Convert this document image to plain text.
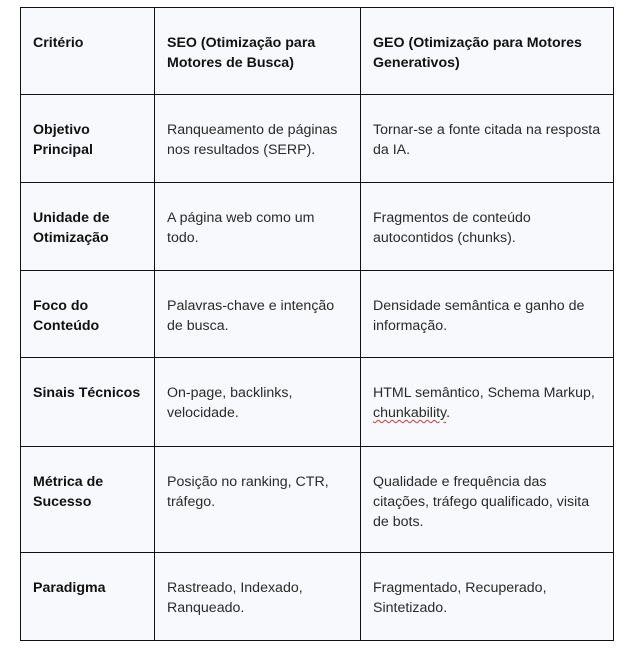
Critério	SEO (Otimização para Motores de Busca)	GEO (Otimização para Motores Generativos)
Objetivo Principal	Ranqueamento de páginas nos resultados (SERP).	Tornar-se a fonte citada na resposta da IA.
Unidade de Otimização	A página web como um todo.	Fragmentos de conteúdo autocontidos (chunks).
Foco do Conteúdo	Palavras-chave e intenção de busca.	Densidade semântica e ganho de informação.
Sinais Técnicos	On-page, backlinks, velocidade.	HTML semântico, Schema Markup, chunkability.
Métrica de Sucesso	Posição no ranking, CTR, tráfego.	Qualidade e frequência das citações, tráfego qualificado, visita de bots.
Paradigma	Rastreado, Indexado, Ranqueado.	Fragmentado, Recuperado, Sintetizado.
